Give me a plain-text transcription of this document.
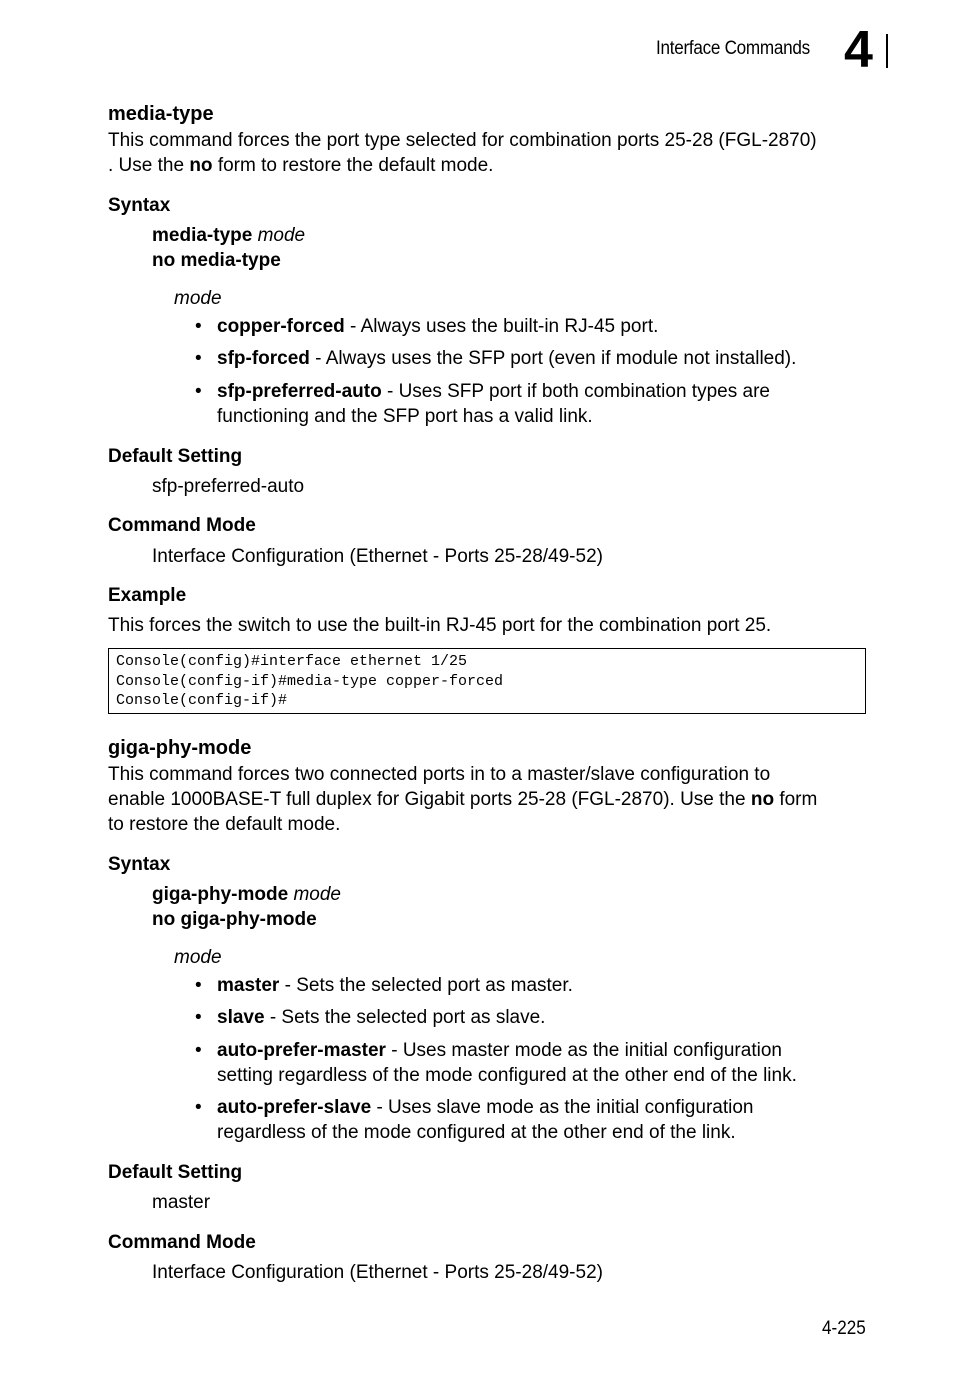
Interface Commands 4
media-type
This command forces the port type selected for combination ports 25-28 (FGL-2870)
. Use the no form to restore the default mode.
Syntax
media-type mode
no media-type
mode
• copper-forced - Always uses the built-in RJ-45 port.
• sfp-forced - Always uses the SFP port (even if module not installed).
• sfp-preferred-auto - Uses SFP port if both combination types are
functioning and the SFP port has a valid link.
Default Setting
sfp-preferred-auto
Command Mode
Interface Configuration (Ethernet - Ports 25-28/49-52)
Example
This forces the switch to use the built-in RJ-45 port for the combination port 25.
Console(config)#interface ethernet 1/25
Console(config-if)#media-type copper-forced
Console(config-if)#
giga-phy-mode
This command forces two connected ports in to a master/slave configuration to
enable 1000BASE-T full duplex for Gigabit ports 25-28 (FGL-2870). Use the no form
to restore the default mode.
Syntax
giga-phy-mode mode
no giga-phy-mode
mode
• master - Sets the selected port as master.
• slave - Sets the selected port as slave.
• auto-prefer-master - Uses master mode as the initial configuration
setting regardless of the mode configured at the other end of the link.
• auto-prefer-slave - Uses slave mode as the initial configuration
regardless of the mode configured at the other end of the link.
Default Setting
master
Command Mode
Interface Configuration (Ethernet - Ports 25-28/49-52)
4-225
